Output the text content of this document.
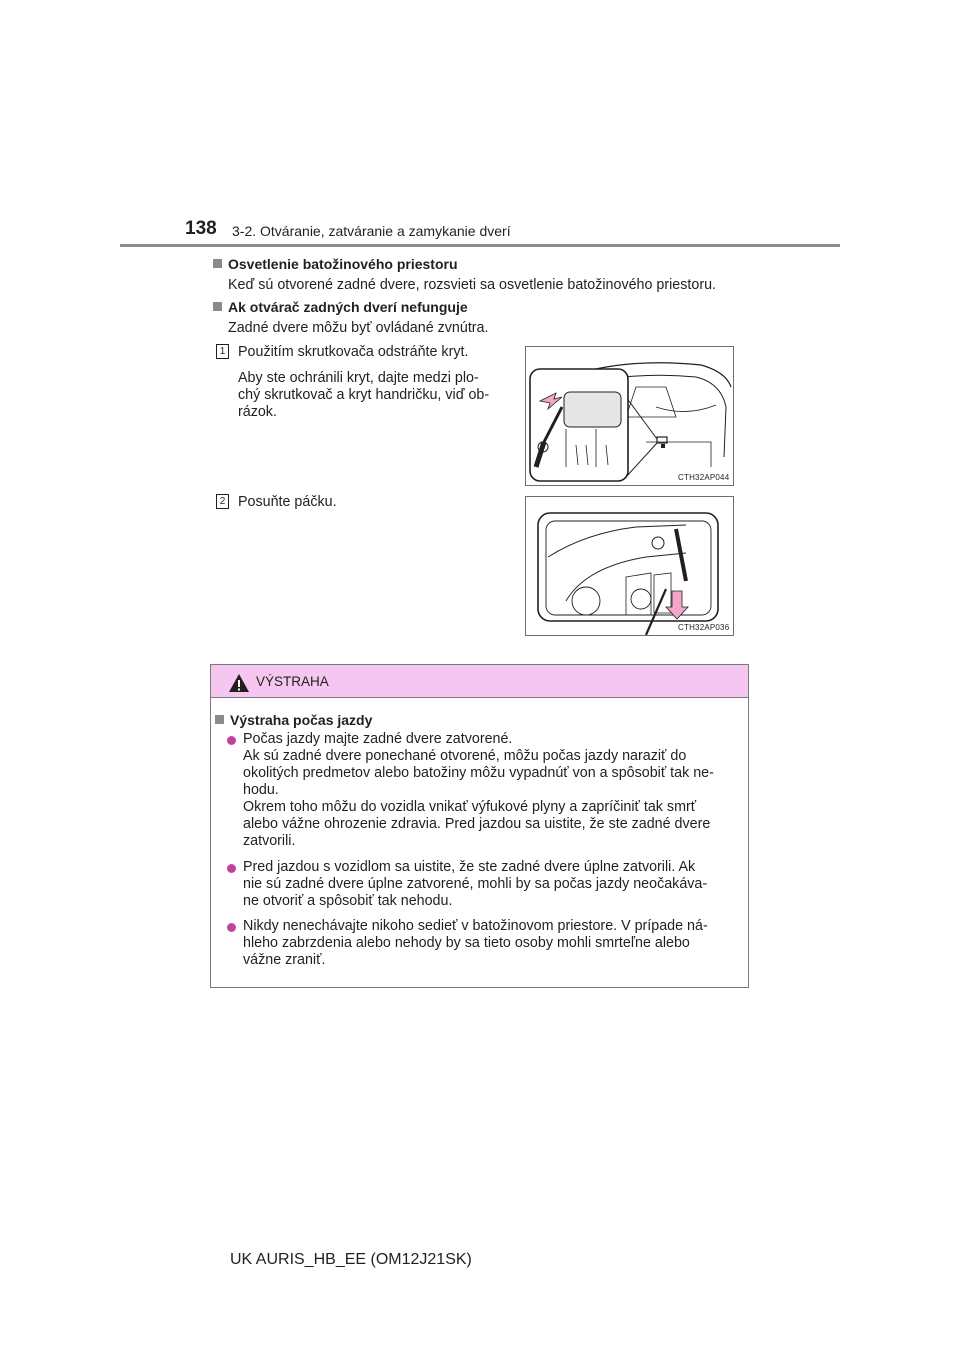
138 3-2. Otváranie, zatváranie a zamykanie dverí
Osvetlenie batožinového priestoru
Keď sú otvorené zadné dvere, rozsvieti sa osvetlenie batožinového priestoru.
Ak otvárač zadných dverí nefunguje
Zadné dvere môžu byť ovládané zvnútra.
1 Použitím skrutkovača odstráňte kryt.
Aby ste ochránili kryt, dajte medzi plo-
chý skrutkovač a kryt handričku, viď ob-
rázok.
CTH32AP044
2 Posuňte páčku.
CTH32AP036
VÝSTRAHA
Výstraha počas jazdy
Počas jazdy majte zadné dvere zatvorené.
Ak sú zadné dvere ponechané otvorené, môžu počas jazdy naraziť do
okolitých predmetov alebo batožiny môžu vypadnúť von a spôsobiť tak ne-
hodu.
Okrem toho môžu do vozidla vnikať výfukové plyny a zapríčiniť tak smrť
alebo vážne ohrozenie zdravia. Pred jazdou sa uistite, že ste zadné dvere
zatvorili.
Pred jazdou s vozidlom sa uistite, že ste zadné dvere úplne zatvorili. Ak
nie sú zadné dvere úplne zatvorené, mohli by sa počas jazdy neočakáva-
ne otvoriť a spôsobiť tak nehodu.
Nikdy nenechávajte nikoho sedieť v batožinovom priestore. V prípade ná-
hleho zabrzdenia alebo nehody by sa tieto osoby mohli smrteľne alebo
vážne zraniť.
UK AURIS_HB_EE (OM12J21SK)
